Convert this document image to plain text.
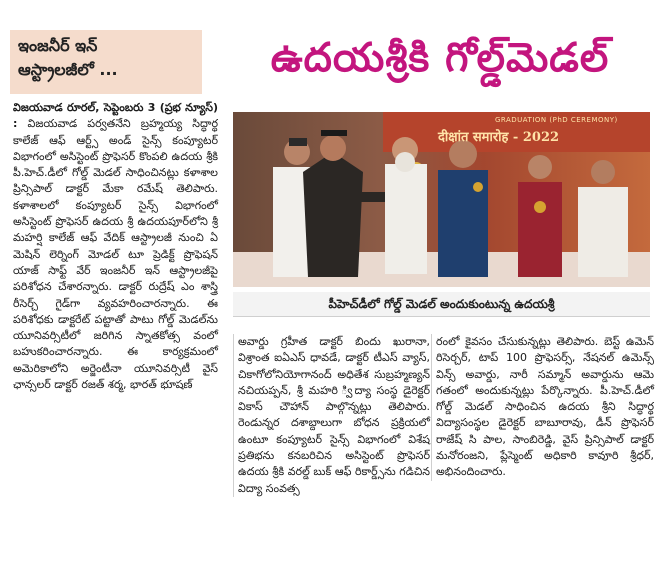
ఇంజనీర్ ఇన్
ఆస్ట్రాలజీలో ...	ఉదయశ్రీకి గోల్డ్‌మెడల్

విజయవాడ రూరల్, సెప్టెంబరు 3 (ప్రభ న్యూస్) : విజయవాడ పర్వతనేని బ్రహ్మయ్య సిద్ధార్థ కాలేజ్ ఆఫ్ ఆర్ట్స్ అండ్ సైన్స్ కంప్యూటర్ విభాగంలో అసిస్టెంట్ ప్రొఫెసర్ కొంపలి ఉదయ శ్రీకి పీ.హెచ్.డీలో గోల్డ్ మెడల్ సాధించినట్లు కళాశాల ప్రిన్సిపాల్ డాక్టర్ మేకా రమేష్ తెలిపారు. కళాశాలలో కంప్యూటర్ సైన్స్ విభాగంలో అసిస్టెంట్ ప్రొఫెసర్ ఉదయ శ్రీ ఉదయపూర్‌లోని శ్రీ మహర్షి కాలేజ్ ఆఫ్ వేదిక్ ఆస్ట్రాలజీ నుంచి ఏ మెషిన్ లెర్నింగ్ మోడల్ టూ ప్రెడిక్ట్ ప్రొఫెషన్ యాజ్ సాఫ్ట్ వేర్ ఇంజనీర్ ఇన్ ఆస్ట్రాలజీ‌పై పరిశోధన చేశారన్నారు. డాక్టర్ రుద్రేష్ ఎం శాస్త్రి రీసెర్చ్ గైడ్‌గా వ్యవహరించారన్నారు. ఈ పరిశోధకు డాక్టరేట్ పట్టాతో పాటు గోల్డ్ మెడల్‌ను యూనివర్సిటీలో జరిగిన స్నాతకోత్స వంలో బహుకరించారన్నారు. ఈ కార్యక్రమంలో అమెరికాలోని అర్జెంటీనా యూనివర్సిటీ వైస్ ఛాన్సలర్ డాక్టర్ రజత్ శర్మ, భారత్ భూషణ్

GRADUATION (PhD CEREMONY)
दीक्षांत समारोह - 2022
పీహెచ్‌డీలో గోల్డ్ మెడల్ అందుకుంటున్న ఉదయశ్రీ

అవార్డు గ్రహీత డాక్టర్ బిందు ఖురానా, విశ్రాంత ఐఏఎస్ ధావడే, డాక్టర్ టీఎస్ వ్యాస్, చికాగోలోనియోగానంద్ అధితేశ సుబ్రహ్మణ్యన్ నచియప్పన్, శ్రీ మహరి ్విద్యా సంస్థ డైరెక్టర్ వికాస్ చౌహాన్ పాల్గొన్నట్లు తెలిపారు. రెండున్నర దశాబ్దాలుగా బోధన ప్రక్రియలో ఉంటూ కంప్యూటర్ సైన్స్ విభాగంలో విశేష ప్రతిభను కనబరిచిన అసిస్టెంట్ ప్రొఫెసర్ ఉదయ శ్రీకి వరల్డ్ బుక్ ఆఫ్ రికార్డ్స్‌ను గడిచిన విద్యా సంవత్స

రంలో కైవసం చేసుకున్నట్లు తెలిపారు. బెస్ట్ ఉమెన్ రిసెర్చర్, టాప్ 100 ప్రొఫెసర్స్, నేషనల్ ఉమెన్స్ విన్స్ అవార్డు, నారీ సమ్మాన్ అవార్డును ఆమె గతంలో అందుకున్నట్లు పేర్కొన్నారు. పీ.హెచ్.డీలో గోల్డ్ మెడల్ సాధించిన ఉదయ శ్రీని సిద్ధార్థ విద్యాసంస్థల డైరెక్టర్ బాబూరావు, డీన్ ప్రొఫెసర్ రాజేష్ సి పాల, సాంబిరెడ్డి, వైస్ ప్రిన్సిపాల్ డాక్టర్ మనోరంజని, ప్లేస్మెంట్ అధికారి కావూరి శ్రీధర్, అభినందించారు.
